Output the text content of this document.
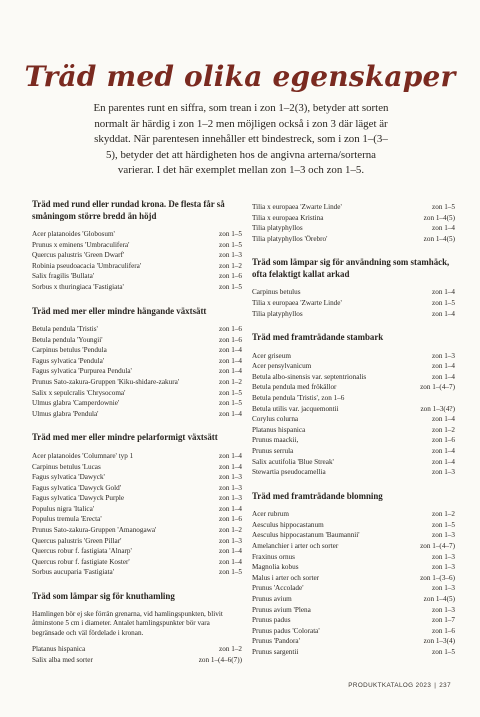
Träd med olika egenskaper

En parentes runt en siffra, som trean i zon 1–2(3), betyder att sorten normalt är härdig i zon 1–2 men möjligen också i zon 3 där läget är skyddat. När parentesen innehåller ett bindestreck, som i zon 1–(3–5), betyder det att härdigheten hos de angivna arterna/sorterna varierar. I det här exemplet mellan zon 1–3 och zon 1–5.

Träd med rund eller rundad krona. De flesta får så småningom större bredd än höjd
Acer platanoides 'Globosum'	zon 1–5
Prunus x eminens 'Umbraculifera'	zon 1–5
Quercus palustris 'Green Dwarf'	zon 1–3
Robinia pseudoacacia 'Umbraculifera'	zon 1–2
Salix fragilis 'Bullata'	zon 1–6
Sorbus x thuringiaca 'Fastigiata'	zon 1–5
Träd med mer eller mindre hängande växtsätt
Betula pendula 'Tristis'	zon 1–6
Betula pendula 'Youngii'	zon 1–6
Carpinus betulus 'Pendula	zon 1–4
Fagus sylvatica 'Pendula'	zon 1–4
Fagus sylvatica 'Purpurea Pendula'	zon 1–4
Prunus Sato-zakura-Gruppen 'Kiku-shidare-zakura'	zon 1–2
Salix x sepulcralis 'Chrysocoma'	zon 1–5
Ulmus glabra 'Camperdownie'	zon 1–5
Ulmus glabra 'Pendula'	zon 1–4
Träd med mer eller mindre pelarformigt växtsätt
Acer platanoides 'Columnare' typ 1	zon 1–4
Carpinus betulus 'Lucas	zon 1–4
Fagus sylvatica 'Dawyck'	zon 1–3
Fagus sylvatica 'Dawyck Gold'	zon 1–3
Fagus sylvatica 'Dawyck Purple	zon 1–3
Populus nigra 'Italica'	zon 1–4
Populus tremula 'Erecta'	zon 1–6
Prunus Sato-zakura-Gruppen 'Amanogawa'	zon 1–2
Quercus palustris 'Green Pillar'	zon 1–3
Quercus robur f. fastigiata 'Alnarp'	zon 1–4
Quercus robur f. fastigiate Koster'	zon 1–4
Sorbus aucuparia 'Fastigiata'	zon 1–5
Träd som lämpar sig för knuthamling

Hamlingen bör ej ske förrän grenarna, vid hamlingspunkten, blivit åtminstone 5 cm i diameter. Antalet hamlingspunkter bör vara begränsade och väl fördelade i kronan.

Platanus hispanica	zon 1–2
Salix alba med sorter	zon 1–(4–6(7))
Tilia x europaea 'Zwarte Linde'	zon 1–5
Tilia x europaea Kristina	zon 1–4(5)
Tilia platyphyllos	zon 1–4
Tilia platyphyllos 'Örebro'	zon 1–4(5)
Träd som lämpar sig för användning som stamhäck, ofta felaktigt kallat arkad
Carpinus betulus	zon 1–4
Tilia x europaea 'Zwarte Linde'	zon 1–5
Tilia platyphyllos	zon 1–4
Träd med framträdande stambark
Acer griseum	zon 1–3
Acer pensylvanicum	zon 1–4
Betula albo-sinensis var. septentrionalis	zon 1–4
Betula pendula med frökällor	zon 1–(4–7)
Betula pendula 'Tristis', zon 1–6
Betula utilis var. jacquemontii	zon 1–3(4?)
Corylus colurna	zon 1–4
Platanus hispanica	zon 1–2
Prunus maackii,	zon 1–6
Prunus serrula	zon 1–4
Salix acutifolia 'Blue Streak'	zon 1–4
Stewartia pseudocamellia	zon 1–3
Träd med framträdande blomning
Acer rubrum	zon 1–2
Aesculus hippocastanum	zon 1–5
Aesculus hippocastanum 'Baumannii'	zon 1–3
Amelanchier i arter och sorter	zon 1–(4–7)
Fraxinus ornus	zon 1–3
Magnolia kobus	zon 1–3
Malus i arter och sorter	zon 1–(3–6)
Prunus 'Accolade'	zon 1–3
Prunus avium	zon 1–4(5)
Prunus avium 'Plena	zon 1–3
Prunus padus	zon 1–7
Prunus padus 'Colorata'	zon 1–6
Prunus 'Pandora'	zon 1–3(4)
Prunus sargentii	zon 1–5
PRODUKTKATALOG 2023 | 237
